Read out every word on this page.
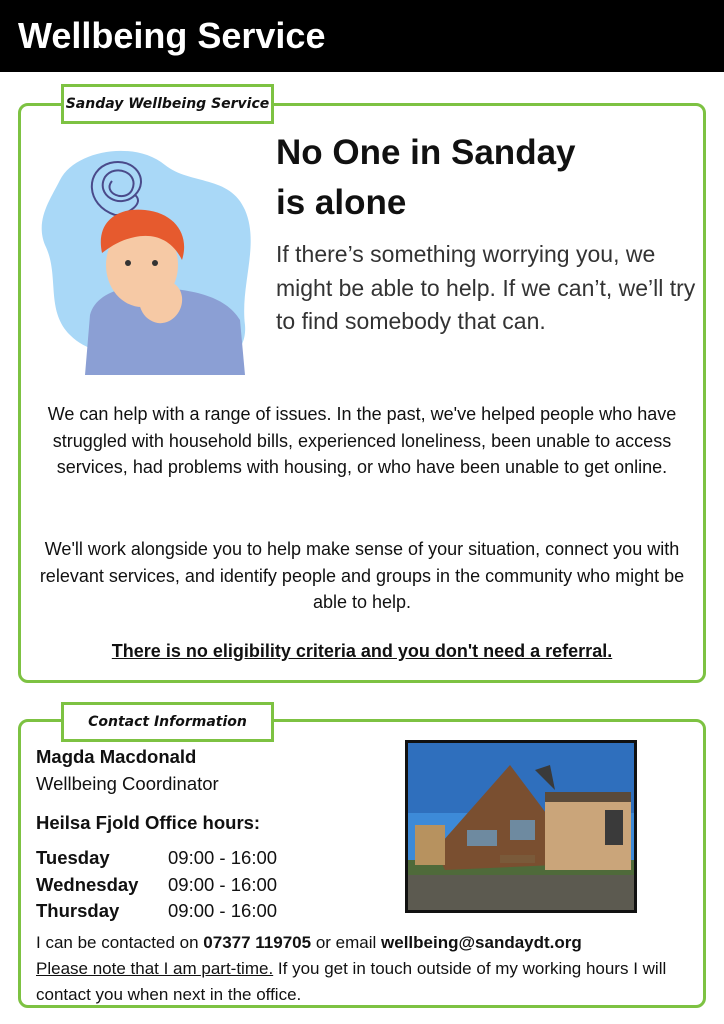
Wellbeing Service
Sanday Wellbeing Service
No One in Sanday
is alone
If there’s something worrying you, we might be able to help. If we can’t, we’ll try to find somebody that can.
We can help with a range of issues. In the past, we've helped people who have struggled with household bills, experienced loneliness, been unable to access services, had problems with housing, or who have been unable to get online.
We'll work alongside you to help make sense of your situation, connect you with relevant services, and identify people and groups in the community who might be able to help.
There is no eligibility criteria and you don't need a referral.
Contact Information
Magda Macdonald
Wellbeing Coordinator
Heilsa Fjold Office hours:
Tuesday	09:00 - 16:00
Wednesday	09:00 - 16:00
Thursday	09:00 - 16:00
I can be contacted on 07377 119705 or email wellbeing@sandaydt.org
Please note that I am part-time. If you get in touch outside of my working hours I will contact you when next in the office.
